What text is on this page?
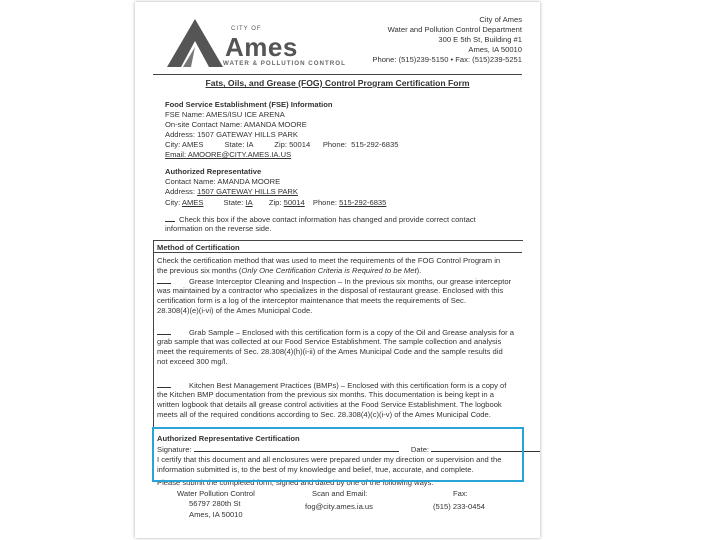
CITY OF
Ames
WATER & POLLUTION CONTROL
City of Ames
Water and Pollution Control Department
300 E 5th St, Building #1
Ames, IA 50010
Phone: (515)239-5150 • Fax: (515)239-5251
Fats, Oils, and Grease (FOG) Control Program Certification Form
Food Service Establishment (FSE) Information
FSE Name: AMES/ISU ICE ARENA
On-site Contact Name: AMANDA MOORE
Address: 1507 GATEWAY HILLS PARK
City: AMES          State: IA          Zip: 50014      Phone:  515-292-6835
Email: AMOORE@CITY.AMES.IA.US
Authorized Representative
Contact Name: AMANDA MOORE
Address: 1507 GATEWAY HILLS PARK
City: AMES	State: IA Zip: 50014 Phone: 515-292-6835
Check this box if the above contact information has changed and provide correct contact
information on the reverse side.
Method of Certification
Check the certification method that was used to meet the requirements of the FOG Control Program in
the previous six months (Only One Certification Criteria is Required to be Met).
Grease Interceptor Cleaning and Inspection – In the previous six months, our grease interceptor
was maintained by a contractor who specializes in the disposal of restaurant grease. Enclosed with this
certification form is a log of the interceptor maintenance that meets the requirements of Sec.
28.308(4)(e)(i-vi) of the Ames Municipal Code.
Grab Sample – Enclosed with this certification form is a copy of the Oil and Grease analysis for a
grab sample that was collected at our Food Service Establishment. The sample collection and analysis
meet the requirements of Sec. 28.308(4)(h)(i-ii) of the Ames Municipal Code and the sample results did
not exceed 300 mg/l.
Kitchen Best Management Practices (BMPs) – Enclosed with this certification form is a copy of
the Kitchen BMP documentation from the previous six months. This documentation is being kept in a
written logbook that details all grease control activities at the Food Service Establishment. The logbook
meets all of the required conditions according to Sec. 28.308(4)(c)(i-v) of the Ames Municipal Code.
Authorized Representative Certification
Signature:	Date:
I certify that this document and all enclosures were prepared under my direction or supervision and the
information submitted is, to the best of my knowledge and belief, true, accurate, and complete.
Please submit the completed form, signed and dated by one of the following ways:
Water Pollution Control
56797 280th St
Ames, IA 50010
Scan and Email:
fog@city.ames.ia.us
Fax:
(515) 233-0454
